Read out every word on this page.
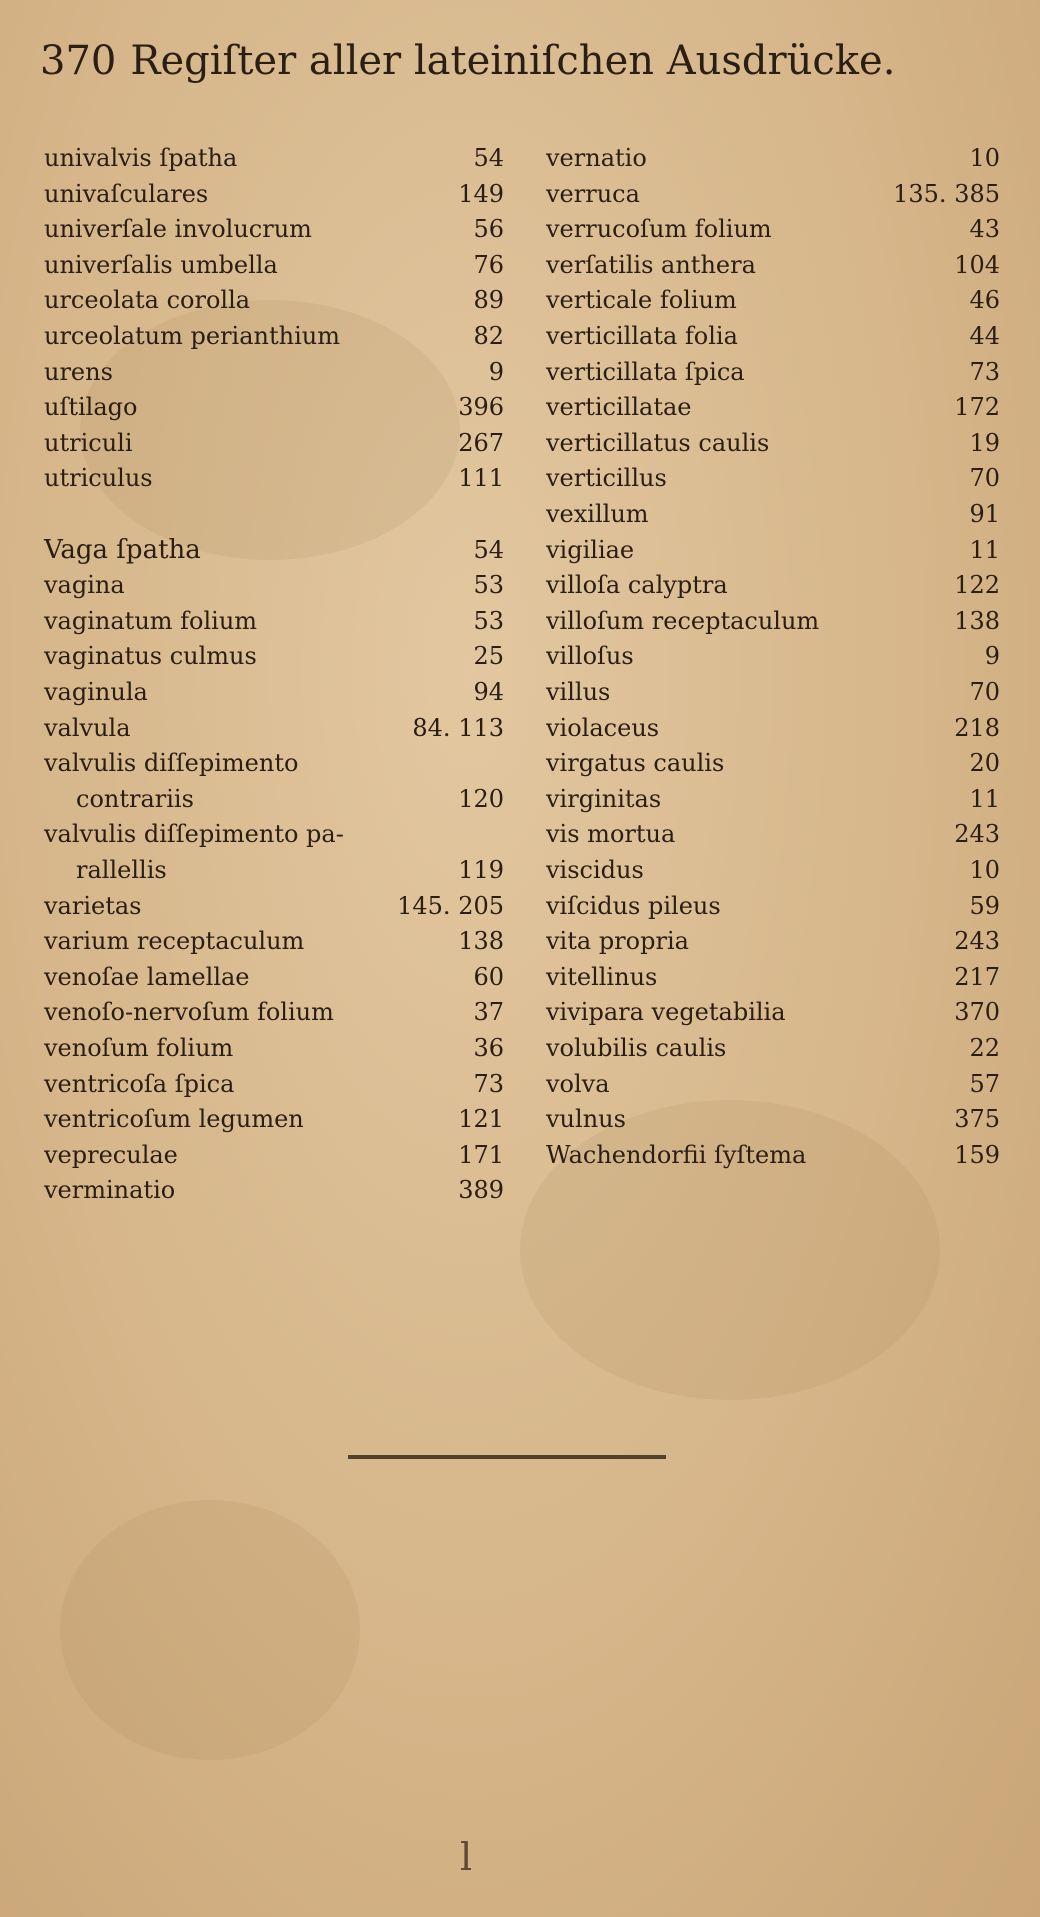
370 Regiſter aller lateiniſchen Ausdrücke.
univalvis ſpatha	54
univaſculares	149
univerſale involucrum	56
univerſalis umbella	76
urceolata corolla	89
urceolatum perianthium	82
urens	9
uſtilago	396
utriculi	267
utriculus	111
Vaga ſpatha	54
vagina	53
vaginatum folium	53
vaginatus culmus	25
vaginula	94
valvula	84. 113
valvulis diſſepimento
contrariis	120
valvulis diſſepimento pa-
rallellis	119
varietas	145. 205
varium receptaculum	138
venoſae lamellae	60
venoſo-nervoſum folium	37
venoſum folium	36
ventricoſa ſpica	73
ventricoſum legumen	121
vepreculae	171
verminatio	389
vernatio	10
verruca	135. 385
verrucoſum folium	43
verſatilis anthera	104
verticale folium	46
verticillata folia	44
verticillata ſpica	73
verticillatae	172
verticillatus caulis	19
verticillus	70
vexillum	91
vigiliae	11
villoſa calyptra	122
villoſum receptaculum	138
villoſus	9
villus	70
violaceus	218
virgatus caulis	20
virginitas	11
vis mortua	243
viscidus	10
viſcidus pileus	59
vita propria	243
vitellinus	217
vivipara vegetabilia	370
volubilis caulis	22
volva	57
vulnus	375
Wachendorfii ſyſtema	159
l
